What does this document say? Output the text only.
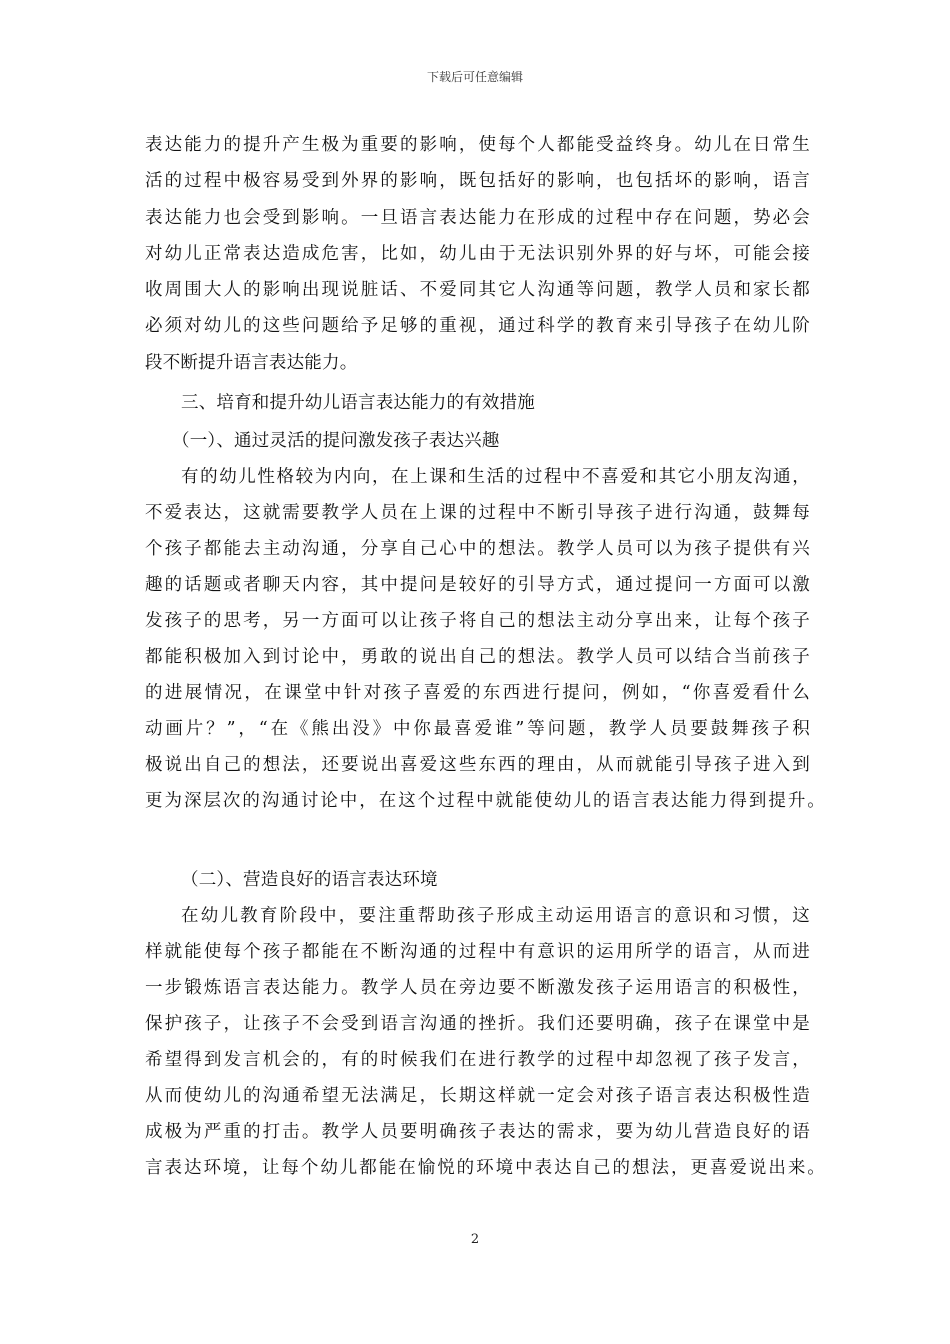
下载后可任意编辑
表达能力的提升产生极为重要的影响，使每个人都能受益终身。幼儿在日常生
活的过程中极容易受到外界的影响，既包括好的影响，也包括坏的影响，语言
表达能力也会受到影响。一旦语言表达能力在形成的过程中存在问题，势必会
对幼儿正常表达造成危害，比如，幼儿由于无法识别外界的好与坏，可能会接
收周围大人的影响出现说脏话、不爱同其它人沟通等问题，教学人员和家长都
必须对幼儿的这些问题给予足够的重视，通过科学的教育来引导孩子在幼儿阶
段不断提升语言表达能力。
三、培育和提升幼儿语言表达能力的有效措施
（一）、通过灵活的提问激发孩子表达兴趣
有的幼儿性格较为内向，在上课和生活的过程中不喜爱和其它小朋友沟通，
不爱表达，这就需要教学人员在上课的过程中不断引导孩子进行沟通，鼓舞每
个孩子都能去主动沟通，分享自己心中的想法。教学人员可以为孩子提供有兴
趣的话题或者聊天内容，其中提问是较好的引导方式，通过提问一方面可以激
发孩子的思考，另一方面可以让孩子将自己的想法主动分享出来，让每个孩子
都能积极加入到讨论中，勇敢的说出自己的想法。教学人员可以结合当前孩子
的进展情况，在课堂中针对孩子喜爱的东西进行提问，例如，“你喜爱看什么
动画片？”，“在《熊出没》中你最喜爱谁”等问题，教学人员要鼓舞孩子积
极说出自己的想法，还要说出喜爱这些东西的理由，从而就能引导孩子进入到
更为深层次的沟通讨论中，在这个过程中就能使幼儿的语言表达能力得到提升。
（二）、营造良好的语言表达环境
在幼儿教育阶段中，要注重帮助孩子形成主动运用语言的意识和习惯，这
样就能使每个孩子都能在不断沟通的过程中有意识的运用所学的语言，从而进
一步锻炼语言表达能力。教学人员在旁边要不断激发孩子运用语言的积极性，
保护孩子，让孩子不会受到语言沟通的挫折。我们还要明确，孩子在课堂中是
希望得到发言机会的，有的时候我们在进行教学的过程中却忽视了孩子发言，
从而使幼儿的沟通希望无法满足，长期这样就一定会对孩子语言表达积极性造
成极为严重的打击。教学人员要明确孩子表达的需求，要为幼儿营造良好的语
言表达环境，让每个幼儿都能在愉悦的环境中表达自己的想法，更喜爱说出来。
2
